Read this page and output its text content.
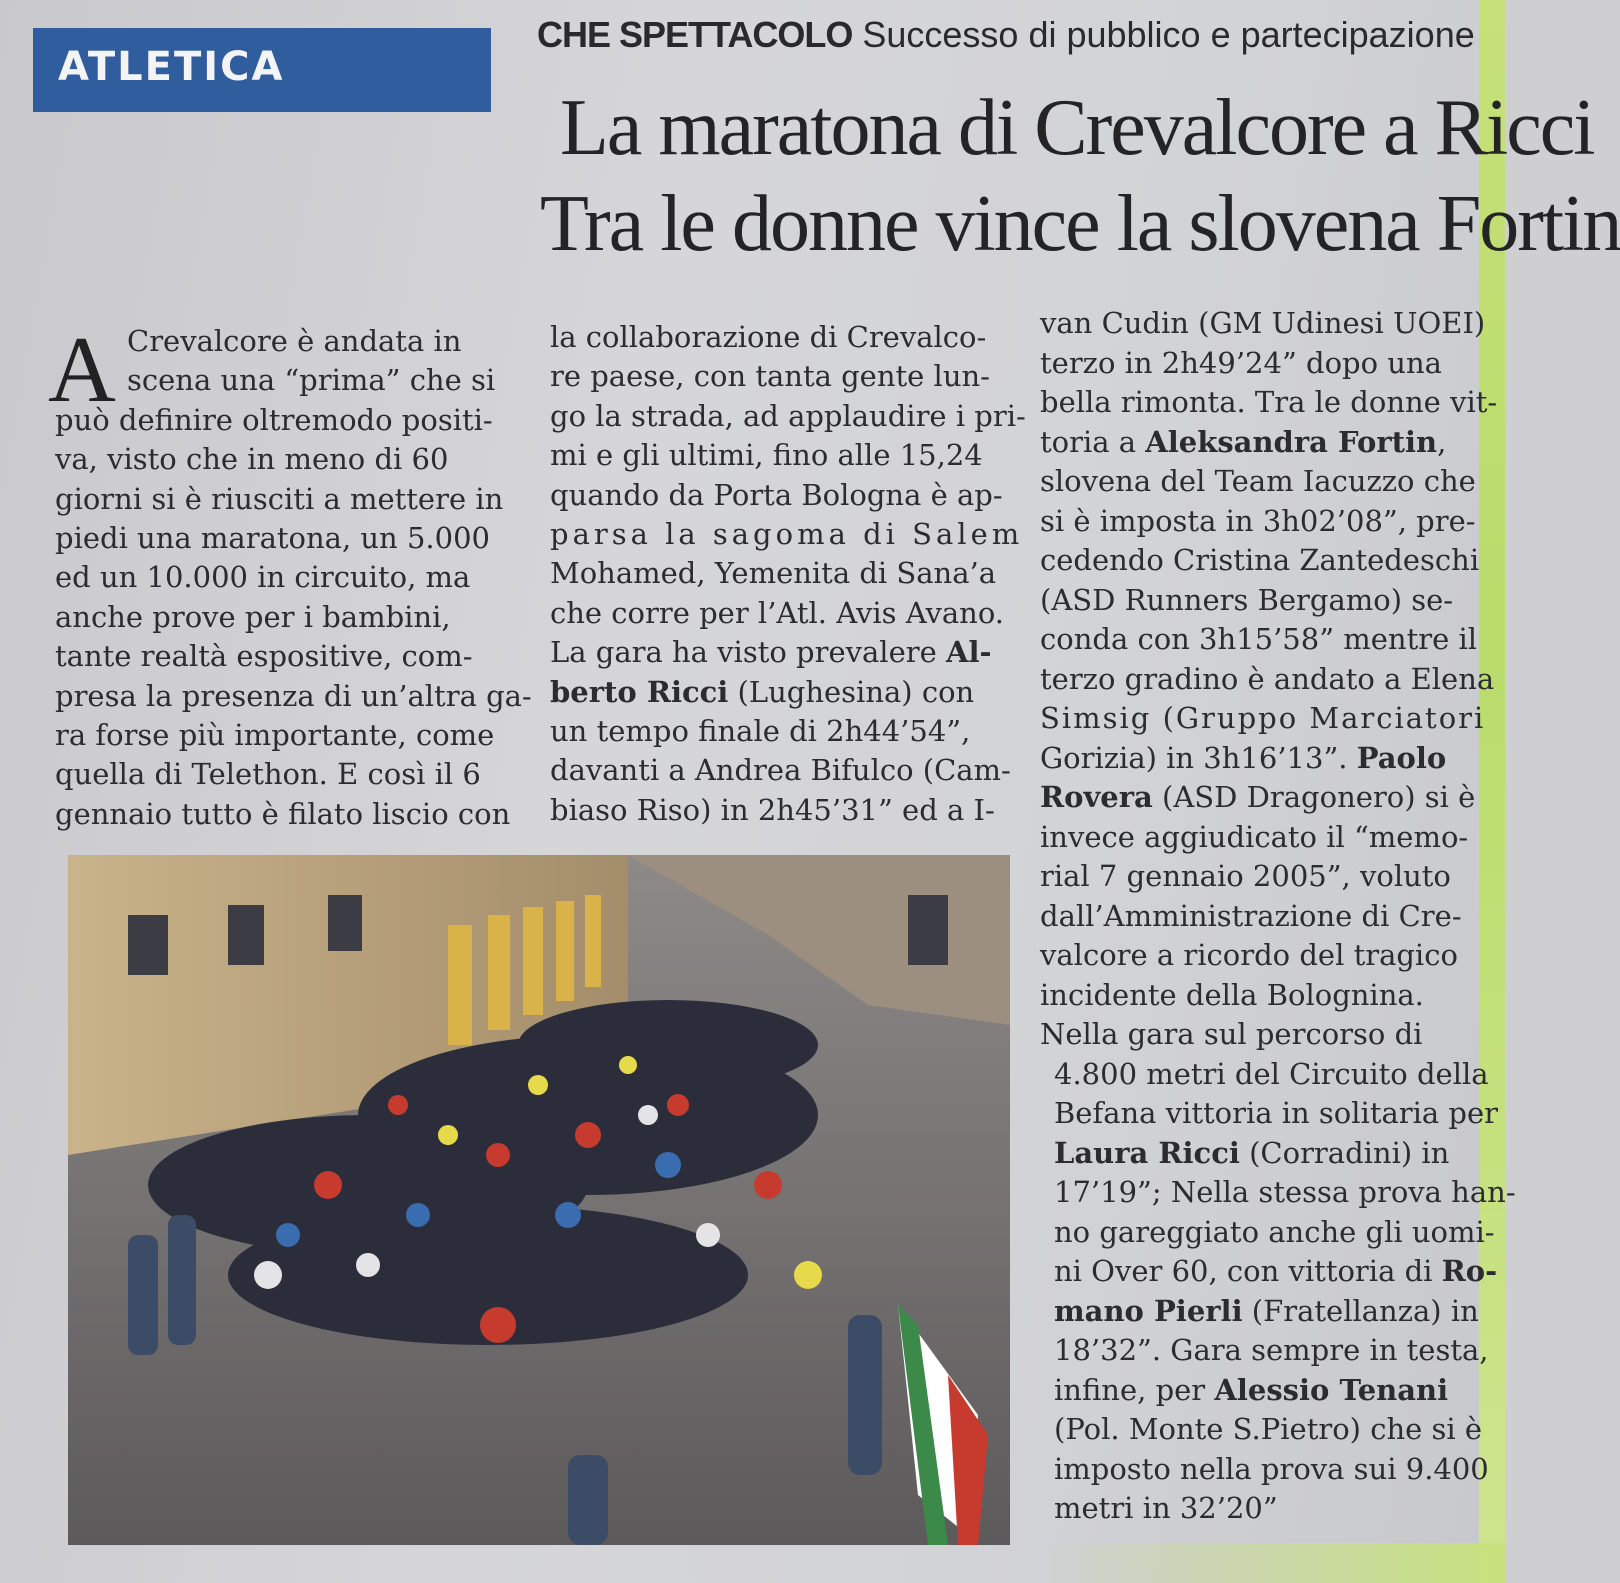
ATLETICA
CHE SPETTACOLO Successo di pubblico e partecipazione
La maratona di Crevalcore a Ricci
Tra le donne vince la slovena Fortin
A Crevalcore è andata in
scena una “prima” che si
può definire oltremodo positi-
va, visto che in meno di 60
giorni si è riusciti a mettere in
piedi una maratona, un 5.000
ed un 10.000 in circuito, ma
anche prove per i bambini,
tante realtà espositive, com-
presa la presenza di un’altra ga-
ra forse più importante, come
quella di Telethon. E così il 6
gennaio tutto è filato liscio con
la collaborazione di Crevalco-
re paese, con tanta gente lun-
go la strada, ad applaudire i pri-
mi e gli ultimi, fino alle 15,24
quando da Porta Bologna è ap-
parsa la sagoma di Salem
Mohamed, Yemenita di Sana’a
che corre per l’Atl. Avis Avano.
La gara ha visto prevalere Al-
berto Ricci (Lughesina) con
un tempo finale di 2h44’54”,
davanti a Andrea Bifulco (Cam-
biaso Riso) in 2h45’31” ed a I-
van Cudin (GM Udinesi UOEI)
terzo in 2h49’24” dopo una
bella rimonta. Tra le donne vit-
toria a Aleksandra Fortin,
slovena del Team Iacuzzo che
si è imposta in 3h02’08”, pre-
cedendo Cristina Zantedeschi
(ASD Runners Bergamo) se-
conda con 3h15’58” mentre il
terzo gradino è andato a Elena
Simsig (Gruppo Marciatori
Gorizia) in 3h16’13”. Paolo
Rovera (ASD Dragonero) si è
invece aggiudicato il “memo-
rial 7 gennaio 2005”, voluto
dall’Amministrazione di Cre-
valcore a ricordo del tragico
incidente della Bolognina.
Nella gara sul percorso di
4.800 metri del Circuito della
Befana vittoria in solitaria per
Laura Ricci (Corradini) in
17’19”; Nella stessa prova han-
no gareggiato anche gli uomi-
ni Over 60, con vittoria di Ro-
mano Pierli (Fratellanza) in
18’32”. Gara sempre in testa,
infine, per Alessio Tenani
(Pol. Monte S.Pietro) che si è
imposto nella prova sui 9.400
metri in 32’20”
